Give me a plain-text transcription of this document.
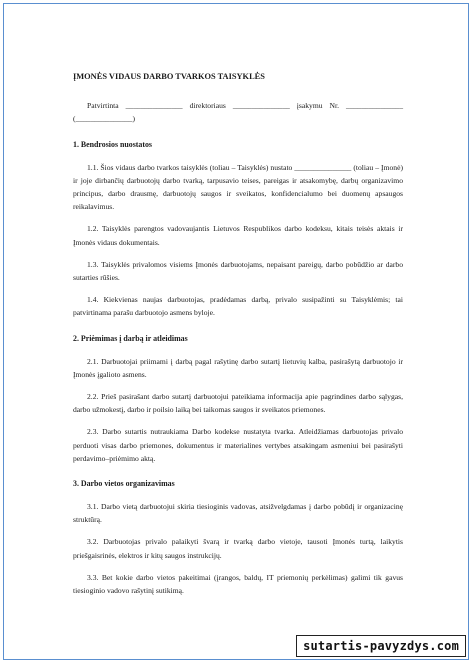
ĮMONĖS VIDAUS DARBO TVARKOS TAISYKLĖS
Patvirtinta _______________ direktoriaus _______________ įsakymu Nr. _______________ (_______________)
1. Bendrosios nuostatos

1.1. Šios vidaus darbo tvarkos taisyklės (toliau – Taisyklės) nustato _______________ (toliau – Įmonė) ir joje dirbančių darbuotojų darbo tvarką, tarpusavio teises, pareigas ir atsakomybę, darbų organizavimo principus, darbo drausmę, darbuotojų saugos ir sveikatos, konfidencialumo bei duomenų apsaugos reikalavimus.

1.2. Taisyklės parengtos vadovaujantis Lietuvos Respublikos darbo kodeksu, kitais teisės aktais ir Įmonės vidaus dokumentais.

1.3. Taisyklės privalomos visiems Įmonės darbuotojams, nepaisant pareigų, darbo pobūdžio ar darbo sutarties rūšies.

1.4. Kiekvienas naujas darbuotojas, pradėdamas darbą, privalo susipažinti su Taisyklėmis; tai patvirtinama parašu darbuotojo asmens byloje.

2. Priėmimas į darbą ir atleidimas

2.1. Darbuotojai priimami į darbą pagal rašytinę darbo sutartį lietuvių kalba, pasirašytą darbuotojo ir Įmonės įgalioto asmens.

2.2. Prieš pasirašant darbo sutartį darbuotojui pateikiama informacija apie pagrindines darbo sąlygas, darbo užmokestį, darbo ir poilsio laiką bei taikomas saugos ir sveikatos priemones.

2.3. Darbo sutartis nutraukiama Darbo kodekse nustatyta tvarka. Atleidžiamas darbuotojas privalo perduoti visas darbo priemones, dokumentus ir materialines vertybes atsakingam asmeniui bei pasirašyti perdavimo–priėmimo aktą.

3. Darbo vietos organizavimas

3.1. Darbo vietą darbuotojui skiria tiesioginis vadovas, atsižvelgdamas į darbo pobūdį ir organizacinę struktūrą.

3.2. Darbuotojas privalo palaikyti švarą ir tvarką darbo vietoje, tausoti Įmonės turtą, laikytis priešgaisrinės, elektros ir kitų saugos instrukcijų.

3.3. Bet kokie darbo vietos pakeitimai (įrangos, baldų, IT priemonių perkėlimas) galimi tik gavus tiesioginio vadovo rašytinį sutikimą.

sutartis-pavyzdys.com
